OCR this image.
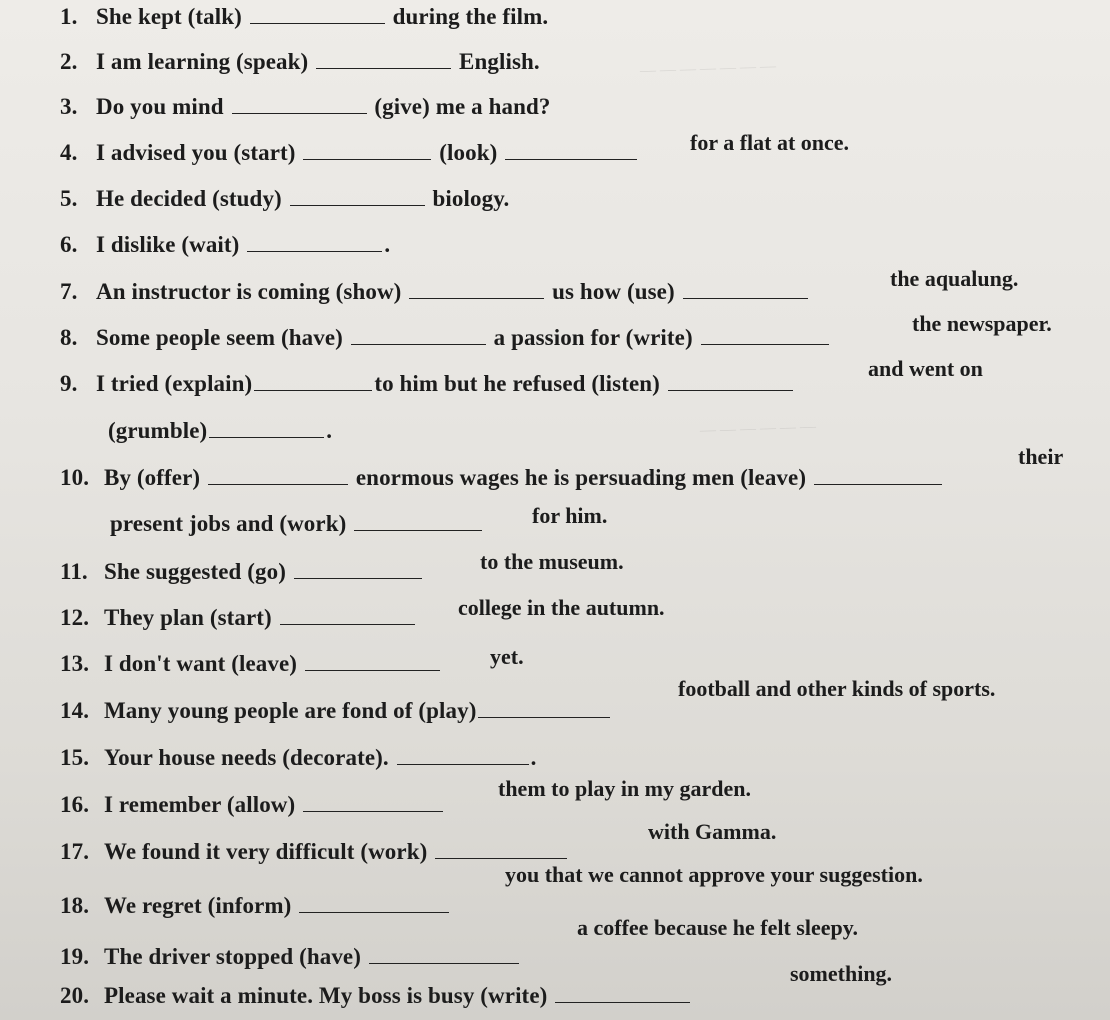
— — — — — — —
— — — — — —
1. She kept (talk)	during the film.
2. I am learning (speak)	English.
3. Do you mind	(give) me a hand?
4. I advised you (start)	(look)	for a flat at once.
5. He decided (study)	biology.
6. I dislike (wait)	.
7. An instructor is coming (show)	us how (use)
the aqualung.
8. Some people seem (have)	a passion for (write)
the newspaper.
9. I tried (explain)	to him but he refused (listen)
and went on
(grumble)	.
10. By (offer)	enormous wages he is persuading men (leave)
their
present jobs and (work)	for him.
11. She suggested (go)	to the museum.
12. They plan (start)	college in the autumn.
13. I don't want (leave)	yet.
14. Many young people are fond of (play)
football and other kinds of sports.
15. Your house needs (decorate).	.
16. I remember (allow)
them to play in my garden.
17. We found it very difficult (work)
with Gamma.
18. We regret (inform)
you that we cannot approve your suggestion.
19. The driver stopped (have)
a coffee because he felt sleepy.
20. Please wait a minute. My boss is busy (write)
something.
